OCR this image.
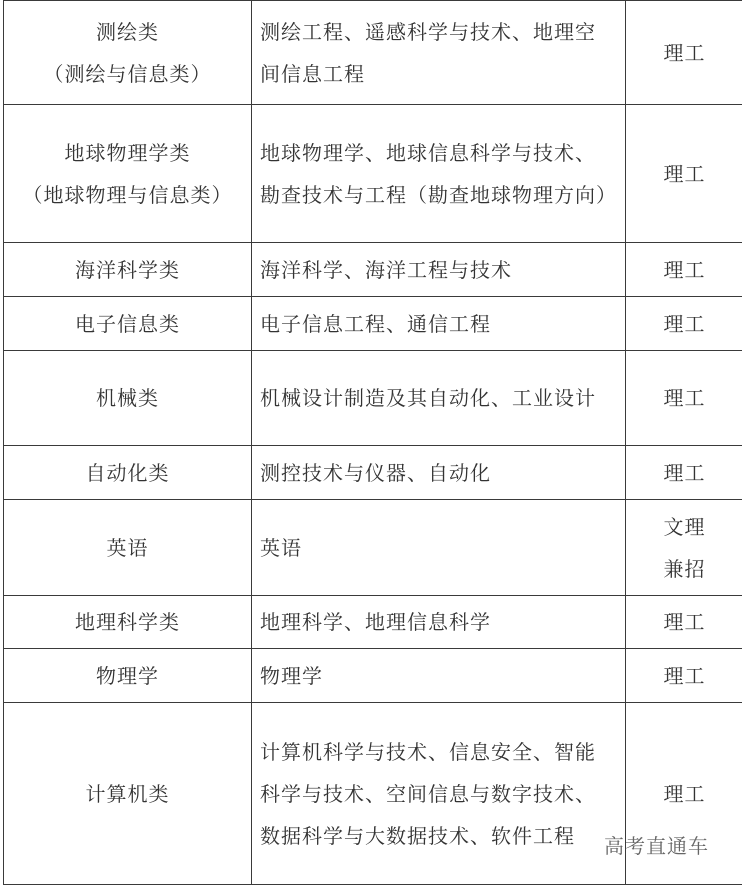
测绘类
（测绘与信息类）	测绘工程、遥感科学与技术、地理空间信息工程	理工

地球物理学类
（地球物理与信息类）	地球物理学、地球信息科学与技术、勘查技术与工程（勘查地球物理方向）	理工
海洋科学类	海洋科学、海洋工程与技术	理工
电子信息类	电子信息工程、通信工程	理工
机械类	机械设计制造及其自动化、工业设计	理工
自动化类	测控技术与仪器、自动化	理工
英语	英语	文理兼招
地理科学类	地理科学、地理信息科学	理工
物理学	物理学	理工
计算机类	计算机科学与技术、信息安全、智能科学与技术、空间信息与数字技术、数据科学与大数据技术、软件工程	理工
高考直通车
